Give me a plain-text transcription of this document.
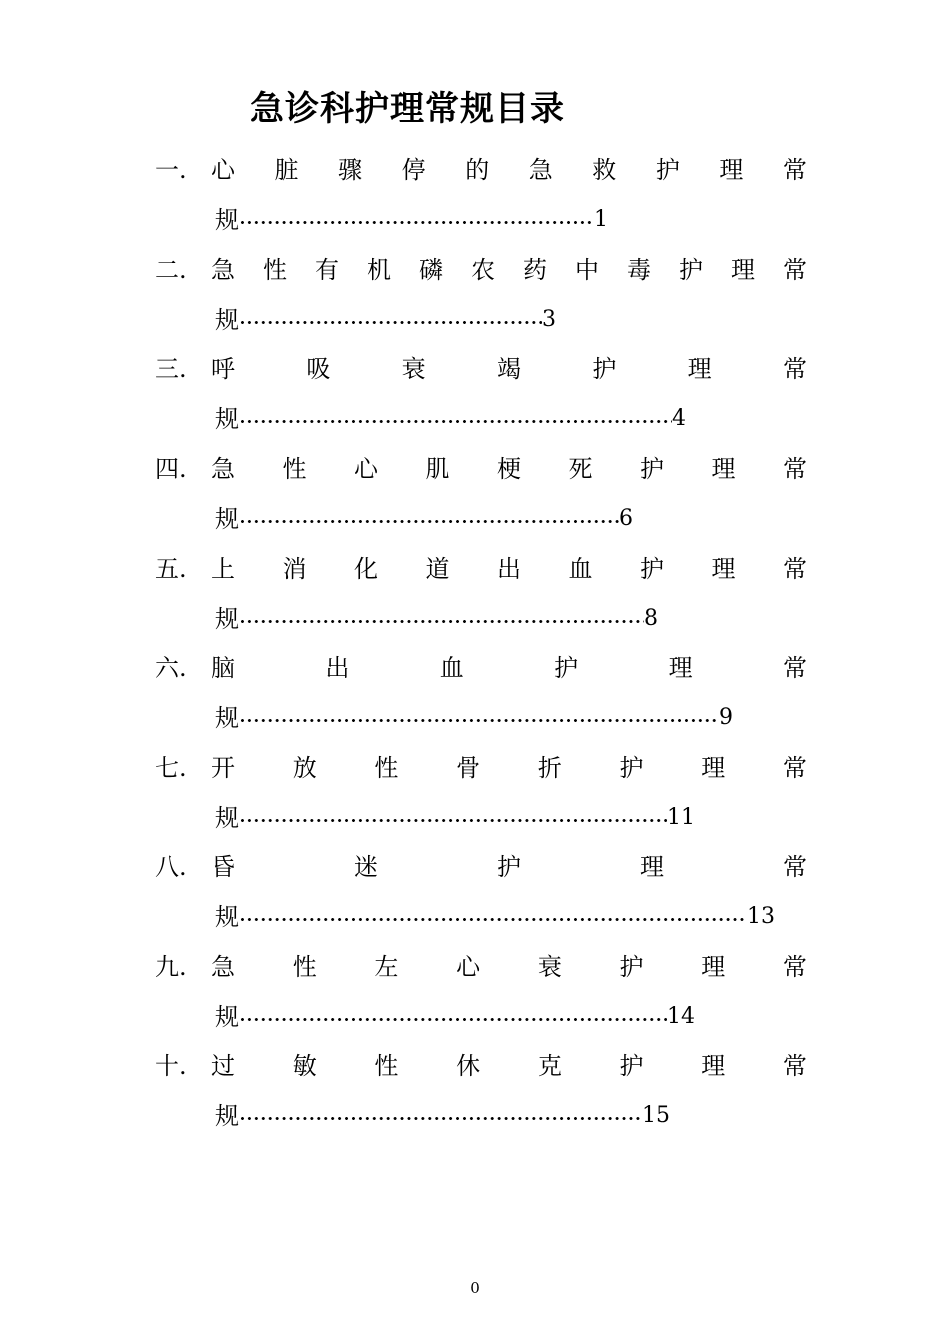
急诊科护理常规目录
一.	心 脏 骤 停 的 急 救 护 理 常
规	1
二.	急 性 有 机 磷 农 药 中 毒 护 理 常
规	3
三.	呼	吸	衰	竭	护	理	常
规	4
四.	急 性 心 肌 梗 死 护 理 常
规	6
五.	上 消 化 道 出 血 护 理 常
规	8
六.	脑	出	血	护	理	常
规	9
七.	开 放 性 骨 折 护 理 常
规	11
八.	昏	迷	护	理	常
规	13
九.	急 性 左 心 衰 护 理 常
规	14
十.	过 敏 性 休 克 护 理 常
规	15
0
